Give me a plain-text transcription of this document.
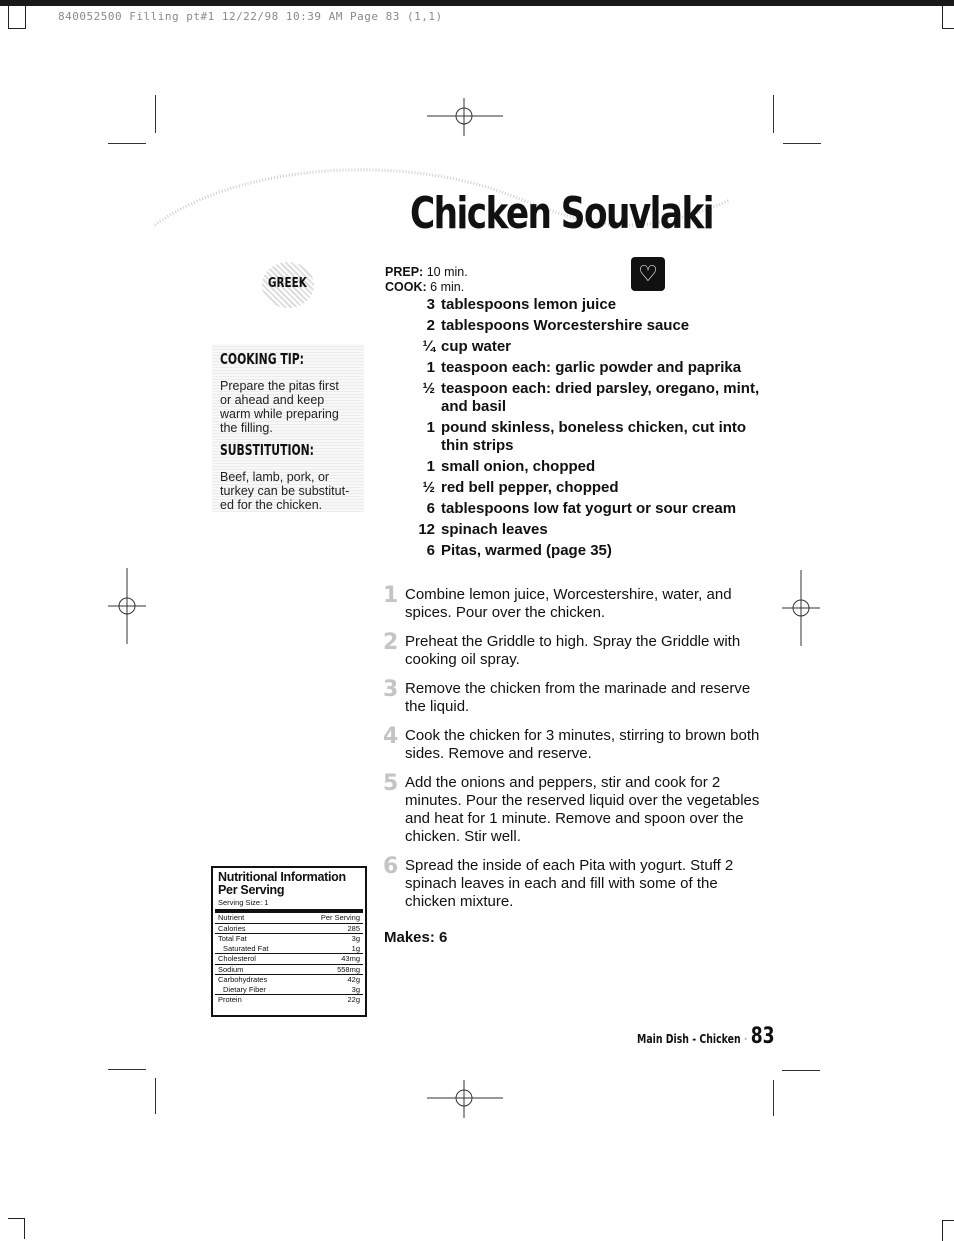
840052500 Filling pt#1 12/22/98 10:39 AM Page 83 (1,1)
Chicken Souvlaki
GREEK
COOKING TIP:
Prepare the pitas first or ahead and keep warm while preparing the filling.
SUBSTITUTION:
Beef, lamb, pork, or turkey can be substitut-ed for the chicken.
PREP: 10 min.
COOK: 6 min.
♡
3 tablespoons lemon juice
2 tablespoons Worcestershire sauce
¼ cup water
1 teaspoon each: garlic powder and paprika
½ teaspoon each: dried parsley, oregano, mint, and basil
1 pound skinless, boneless chicken, cut into thin strips
1 small onion, chopped
½ red bell pepper, chopped
6 tablespoons low fat yogurt or sour cream
12 spinach leaves
6 Pitas, warmed (page 35)
1 Combine lemon juice, Worcestershire, water, and spices. Pour over the chicken.
2 Preheat the Griddle to high. Spray the Griddle with cooking oil spray.
3 Remove the chicken from the marinade and reserve the liquid.
4 Cook the chicken for 3 minutes, stirring to brown both sides. Remove and reserve.
5 Add the onions and peppers, stir and cook for 2 minutes. Pour the reserved liquid over the vegetables and heat for 1 minute. Remove and spoon over the chicken. Stir well.
6 Spread the inside of each Pita with yogurt. Stuff 2 spinach leaves in each and fill with some of the chicken mixture.
Makes: 6
Nutritional Information Per Serving
Serving Size: 1
Nutrient	Per Serving
Calories	285
Total Fat	3g
Saturated Fat	1g
Cholesterol	43mg
Sodium	558mg
Carbohydrates	42g
Dietary Fiber	3g
Protein	22g
Main Dish - Chicken · 83
